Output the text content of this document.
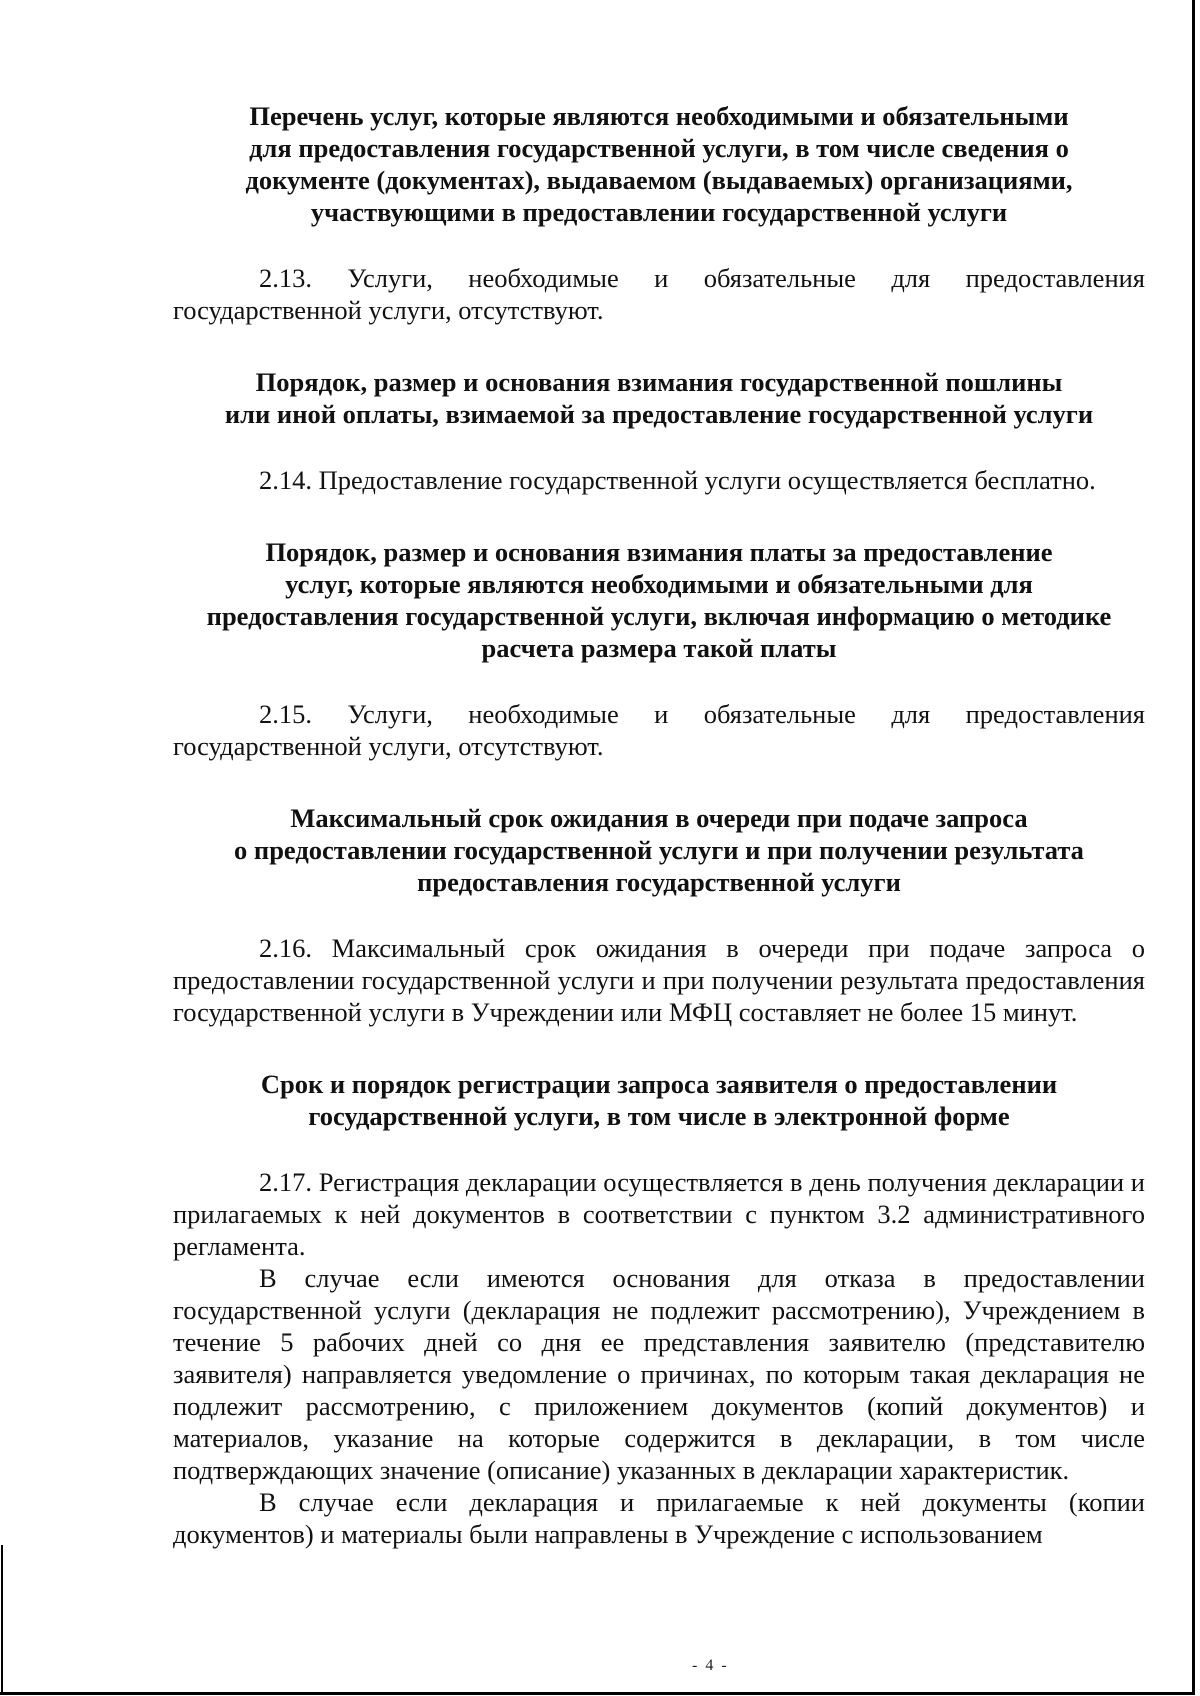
Перечень услуг, которые являются необходимыми и обязательными
для предоставления государственной услуги, в том числе сведения о
документе (документах), выдаваемом (выдаваемых) организациями,
участвующими в предоставлении государственной услуги

2.13. Услуги, необходимые и обязательные для предоставления государственной услуги, отсутствуют.

Порядок, размер и основания взимания государственной пошлины
или иной оплаты, взимаемой за предоставление государственной услуги

2.14. Предоставление государственной услуги осуществляется бесплатно.

Порядок, размер и основания взимания платы за предоставление
услуг, которые являются необходимыми и обязательными для
предоставления государственной услуги, включая информацию о методике
расчета размера такой платы

2.15. Услуги, необходимые и обязательные для предоставления государственной услуги, отсутствуют.

Максимальный срок ожидания в очереди при подаче запроса
о предоставлении государственной услуги и при получении результата
предоставления государственной услуги

2.16. Максимальный срок ожидания в очереди при подаче запроса о предоставлении государственной услуги и при получении результата предоставления государственной услуги в Учреждении или МФЦ составляет не более 15 минут.

Срок и порядок регистрации запроса заявителя о предоставлении
государственной услуги, в том числе в электронной форме

2.17. Регистрация декларации осуществляется в день получения декларации и прилагаемых к ней документов в соответствии с пунктом 3.2 административного регламента.

В случае если имеются основания для отказа в предоставлении государственной услуги (декларация не подлежит рассмотрению), Учреждением в течение 5 рабочих дней со дня ее представления заявителю (представителю заявителя) направляется уведомление о причинах, по которым такая декларация не подлежит рассмотрению, с приложением документов (копий документов) и материалов, указание на которые содержится в декларации, в том числе подтверждающих значение (описание) указанных в декларации характеристик.

В случае если декларация и прилагаемые к ней документы (копии документов) и материалы были направлены в Учреждение с использованием

- 4 -
